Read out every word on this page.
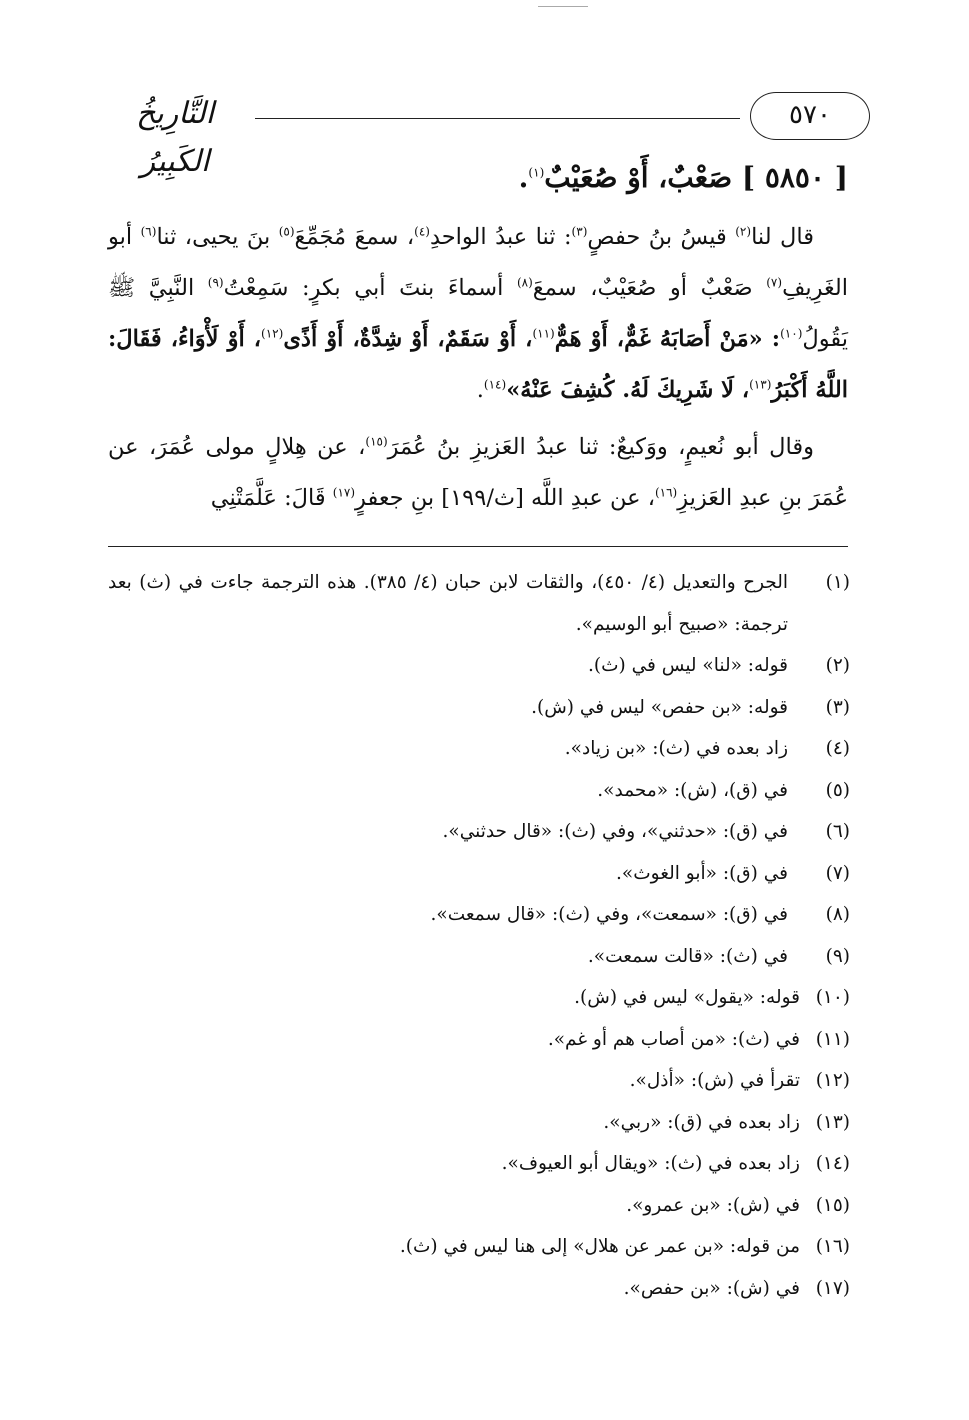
التَّارِيخُ الكَبِيرُ
٥٧٠

[ ٥٨٥٠ ] صَعْبٌ، أَوْ صُعَيْبٌ$^{(١)}$.

قال لنا$^{(٢)}$ قيسُ بنُ حفصٍ$^{(٣)}$: ثنا عبدُ الواحدِ$^{(٤)}$، سمعَ مُجَمِّعَ$^{(٥)}$ بنَ يحيى، ثنا$^{(٦)}$ أبو الغَرِيفِ$^{(٧)}$ صَعْبٌ أو صُعَيْبٌ، سمعَ$^{(٨)}$ أسماءَ بنتَ أبي بكرٍ: سَمِعْتُ$^{(٩)}$ النَّبِيَّ ﷺ يَقُولُ$^{(١٠)}$: «مَنْ أَصَابَهُ غَمٌّ، أَوْ هَمٌّ$^{(١١)}$، أَوْ سَقَمٌ، أَوْ شِدَّةٌ، أَوْ أَذًى$^{(١٢)}$، أَوْ لَأْوَاءُ، فَقَالَ: اللَّهُ أَكْبَرُ$^{(١٣)}$، لَا شَرِيكَ لَهُ. كُشِفَ عَنْهُ»$^{(١٤)}$.

وقال أبو نُعيمٍ، ووَكيعٌ: ثنا عبدُ العَزيزِ بنُ عُمَرَ$^{(١٥)}$، عن هِلالٍ مولى عُمَرَ، عن عُمَرَ بنِ عبدِ العَزيزِ$^{(١٦)}$، عن عبدِ اللَّه [ث/١٩٩] بنِ جعفرٍ$^{(١٧)}$ قَالَ: عَلَّمَتْنِي

(١)
الجرح والتعديل (٤/ ٤٥٠)، والثقات لابن حبان (٤/ ٣٨٥). هذه الترجمة جاءت في (ث) بعد ترجمة: «صبيح أبو الوسيم».
(٢)
قوله: «لنا» ليس في (ث).
(٣)
قوله: «بن حفص» ليس في (ش).
(٤)
زاد بعده في (ث): «بن زياد».
(٥)
في (ق)، (ش): «محمد».
(٦)
في (ق): «حدثني»، وفي (ث): «قال حدثني».
(٧)
في (ق): «أبو الغوث».
(٨)
في (ق): «سمعت»، وفي (ث): «قال سمعت».
(٩)
في (ث): «قالت سمعت».
(١٠)
قوله: «يقول» ليس في (ش).
(١١)
في (ث): «من أصاب هم أو غم».
(١٢)
تقرأ في (ش): «أذل».
(١٣)
زاد بعده في (ق): «ربي».
(١٤)
زاد بعده في (ث): «ويقال أبو العيوف».
(١٥)
في (ش): «بن عمرو».
(١٦)
من قوله: «بن عمر عن هلال» إلى هنا ليس في (ث).
(١٧)
في (ش): «بن حفص».
